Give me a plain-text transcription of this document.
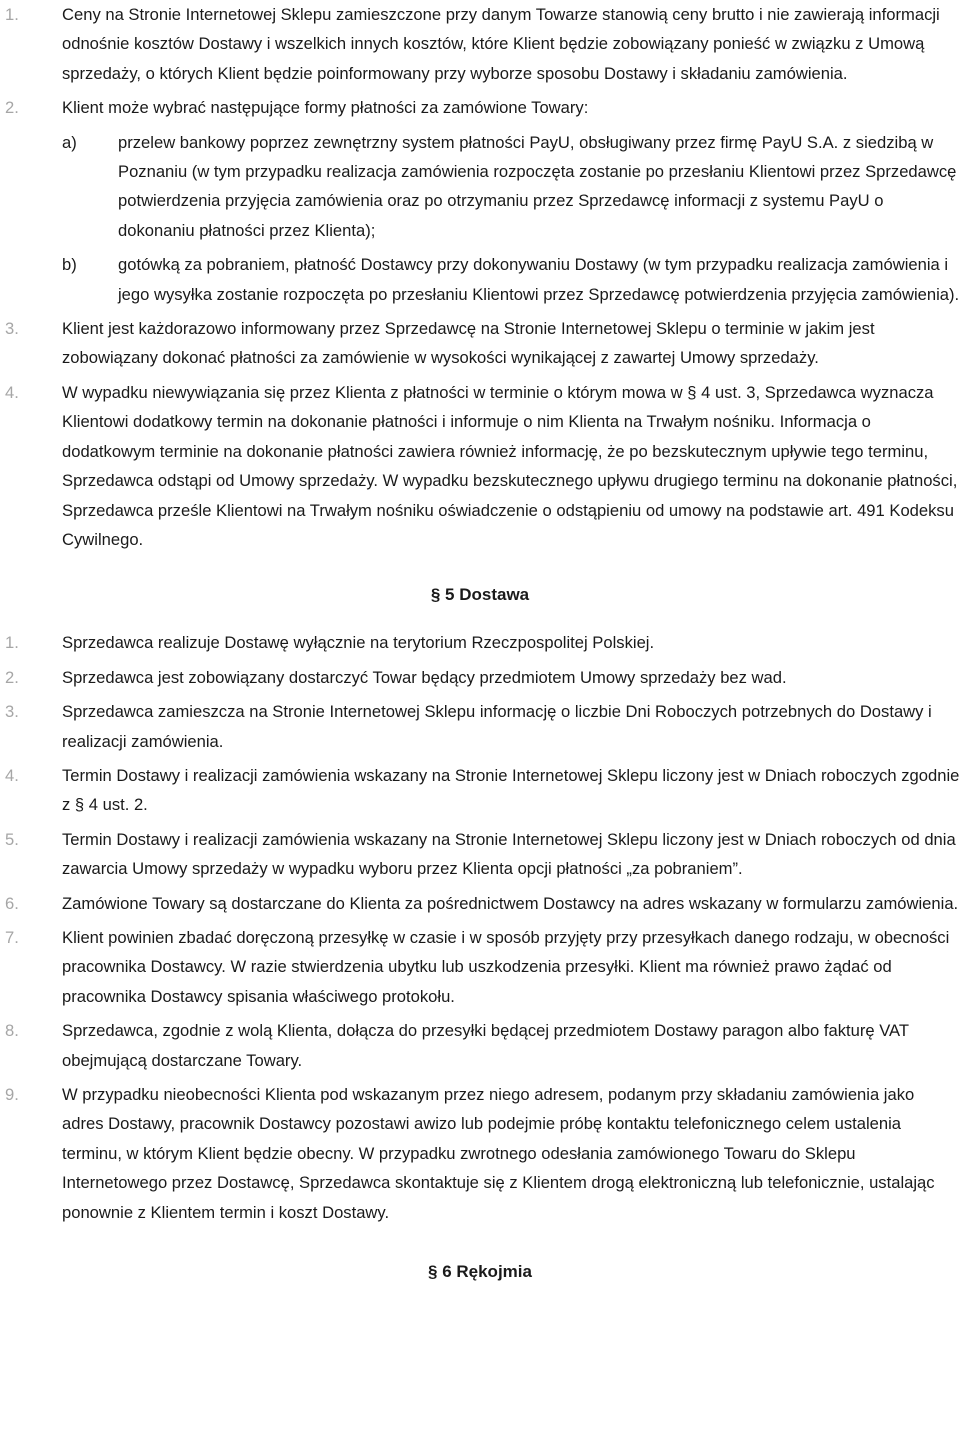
1.	Ceny na Stronie Internetowej Sklepu zamieszczone przy danym Towarze stanowią ceny brutto i nie zawierają informacji odnośnie kosztów Dostawy i wszelkich innych kosztów, które Klient będzie zobowiązany ponieść w związku z Umową sprzedaży, o których Klient będzie poinformowany przy wyborze sposobu Dostawy i składaniu zamówienia.

2.	Klient może wybrać następujące formy płatności za zamówione Towary:

a) przelew bankowy poprzez zewnętrzny system płatności PayU, obsługiwany przez firmę PayU S.A. z siedzibą w Poznaniu (w tym przypadku realizacja zamówienia rozpoczęta zostanie po przesłaniu Klientowi przez Sprzedawcę potwierdzenia przyjęcia zamówienia oraz po otrzymaniu przez Sprzedawcę informacji z systemu PayU o dokonaniu płatności przez Klienta);

b) gotówką za pobraniem, płatność Dostawcy przy dokonywaniu Dostawy (w tym przypadku realizacja zamówienia i jego wysyłka zostanie rozpoczęta po przesłaniu Klientowi przez Sprzedawcę potwierdzenia przyjęcia zamówienia).

3.	Klient jest każdorazowo informowany przez Sprzedawcę na Stronie Internetowej Sklepu o terminie w jakim jest zobowiązany dokonać płatności za zamówienie w wysokości wynikającej z zawartej Umowy sprzedaży.

4.	W wypadku niewywiązania się przez Klienta z płatności w terminie o którym mowa w § 4 ust. 3, Sprzedawca wyznacza Klientowi dodatkowy termin na dokonanie płatności i informuje o nim Klienta na Trwałym nośniku. Informacja o dodatkowym terminie na dokonanie płatności zawiera również informację, że po bezskutecznym upływie tego terminu, Sprzedawca odstąpi od Umowy sprzedaży. W wypadku bezskutecznego upływu drugiego terminu na dokonanie płatności, Sprzedawca prześle Klientowi na Trwałym nośniku oświadczenie o odstąpieniu od umowy na podstawie art. 491 Kodeksu Cywilnego.

§ 5 Dostawa

1.	Sprzedawca realizuje Dostawę wyłącznie na terytorium Rzeczpospolitej Polskiej.

2.	Sprzedawca jest zobowiązany dostarczyć Towar będący przedmiotem Umowy sprzedaży bez wad.

3.	Sprzedawca zamieszcza na Stronie Internetowej Sklepu informację o liczbie Dni Roboczych potrzebnych do Dostawy i realizacji zamówienia.

4.	Termin Dostawy i realizacji zamówienia wskazany na Stronie Internetowej Sklepu liczony jest w Dniach roboczych zgodnie z § 4 ust. 2.

5.	Termin Dostawy i realizacji zamówienia wskazany na Stronie Internetowej Sklepu liczony jest w Dniach roboczych od dnia zawarcia Umowy sprzedaży w wypadku wyboru przez Klienta opcji płatności „za pobraniem”.

6.	Zamówione Towary są dostarczane do Klienta za pośrednictwem Dostawcy na adres wskazany w formularzu zamówienia.

7.	Klient powinien zbadać doręczoną przesyłkę w czasie i w sposób przyjęty przy przesyłkach danego rodzaju, w obecności pracownika Dostawcy. W razie stwierdzenia ubytku lub uszkodzenia przesyłki. Klient ma również prawo żądać od pracownika Dostawcy spisania właściwego protokołu.

8.	Sprzedawca, zgodnie z wolą Klienta, dołącza do przesyłki będącej przedmiotem Dostawy paragon albo fakturę VAT obejmującą dostarczane Towary.

9.	W przypadku nieobecności Klienta pod wskazanym przez niego adresem, podanym przy składaniu zamówienia jako adres Dostawy, pracownik Dostawcy pozostawi awizo lub podejmie próbę kontaktu telefonicznego celem ustalenia terminu, w którym Klient będzie obecny. W przypadku zwrotnego odesłania zamówionego Towaru do Sklepu Internetowego przez Dostawcę, Sprzedawca skontaktuje się z Klientem drogą elektroniczną lub telefonicznie, ustalając ponownie z Klientem termin i koszt Dostawy.

§ 6 Rękojmia
